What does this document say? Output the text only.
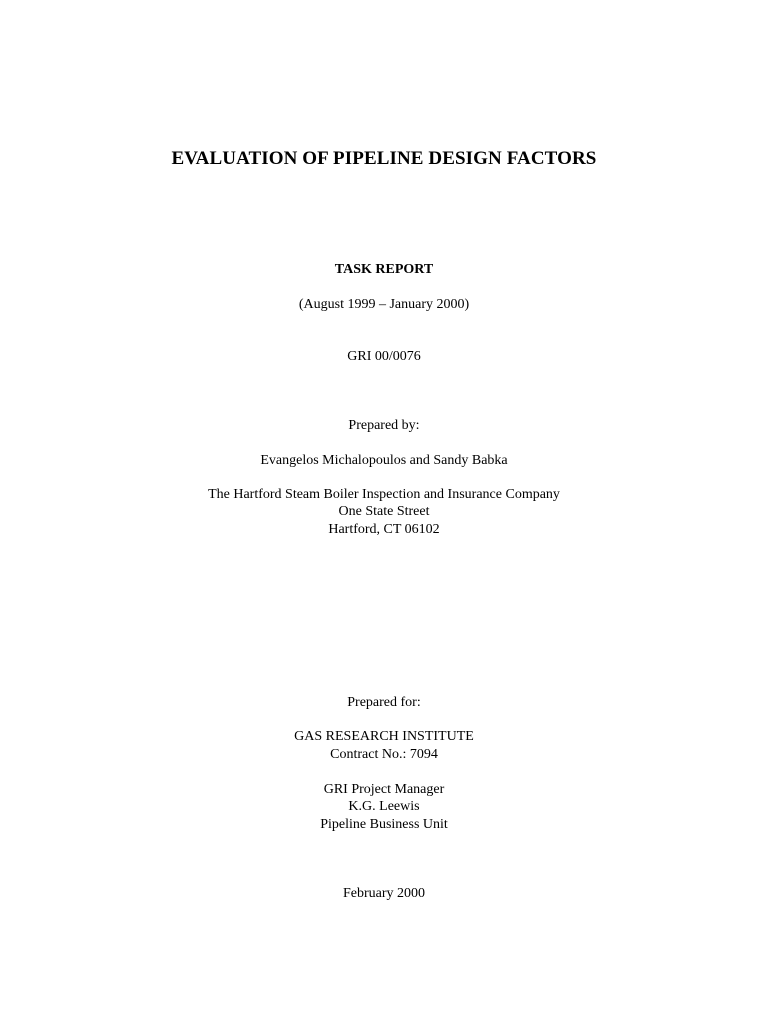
EVALUATION OF PIPELINE DESIGN FACTORS
TASK REPORT
(August 1999 – January 2000)
GRI 00/0076
Prepared by:
Evangelos Michalopoulos and Sandy Babka
The Hartford Steam Boiler Inspection and Insurance Company
One State Street
Hartford, CT 06102
Prepared for:
GAS RESEARCH INSTITUTE
Contract No.: 7094
GRI Project Manager
K.G. Leewis
Pipeline Business Unit
February 2000
